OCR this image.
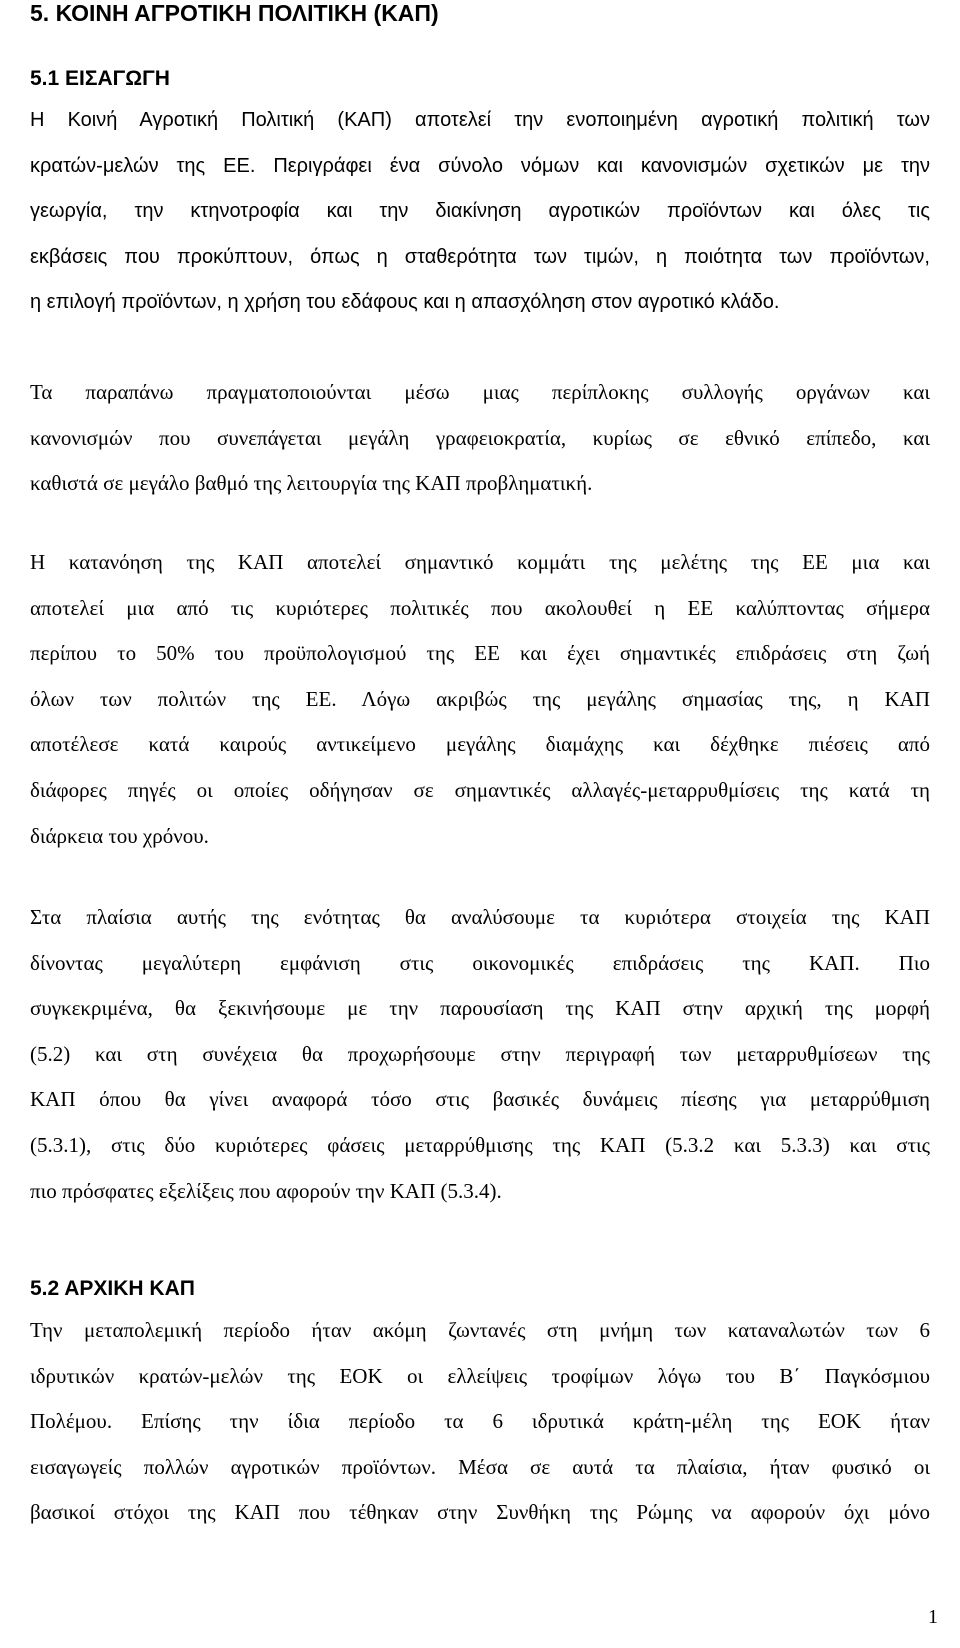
5. ΚΟΙΝΗ ΑΓΡΟΤΙΚΗ ΠΟΛΙΤΙΚΗ (ΚΑΠ)
5.1 ΕΙΣΑΓΩΓΗ
Η Κοινή Αγροτική Πολιτική (ΚΑΠ) αποτελεί την ενοποιημένη αγροτική πολιτική των
κρατών-μελών της ΕΕ. Περιγράφει ένα σύνολο νόμων και κανονισμών σχετικών με την
γεωργία, την κτηνοτροφία και την διακίνηση αγροτικών προϊόντων και όλες τις
εκβάσεις που προκύπτουν, όπως η σταθερότητα των τιμών, η ποιότητα των προϊόντων,
η επιλογή προϊόντων, η χρήση του εδάφους και η απασχόληση στον αγροτικό κλάδο.
Τα παραπάνω πραγματοποιούνται μέσω μιας περίπλοκης συλλογής οργάνων και
κανονισμών που συνεπάγεται μεγάλη γραφειοκρατία, κυρίως σε εθνικό επίπεδο, και
καθιστά σε μεγάλο βαθμό της λειτουργία της ΚΑΠ προβληματική.
Η κατανόηση της ΚΑΠ αποτελεί σημαντικό κομμάτι της μελέτης της ΕΕ μια και
αποτελεί μια από τις κυριότερες πολιτικές που ακολουθεί η ΕΕ καλύπτοντας σήμερα
περίπου το 50% του προϋπολογισμού της ΕΕ και έχει σημαντικές επιδράσεις στη ζωή
όλων των πολιτών της ΕΕ. Λόγω ακριβώς της μεγάλης σημασίας της, η ΚΑΠ
αποτέλεσε κατά καιρούς αντικείμενο μεγάλης διαμάχης και δέχθηκε πιέσεις από
διάφορες πηγές οι οποίες οδήγησαν σε σημαντικές αλλαγές-μεταρρυθμίσεις της κατά τη
διάρκεια του χρόνου.
Στα πλαίσια αυτής της ενότητας θα αναλύσουμε τα κυριότερα στοιχεία της ΚΑΠ
δίνοντας μεγαλύτερη εμφάνιση στις οικονομικές επιδράσεις της ΚΑΠ. Πιο
συγκεκριμένα, θα ξεκινήσουμε με την παρουσίαση της ΚΑΠ στην αρχική της μορφή
(5.2) και στη συνέχεια θα προχωρήσουμε στην περιγραφή των μεταρρυθμίσεων της
ΚΑΠ όπου θα γίνει αναφορά τόσο στις βασικές δυνάμεις πίεσης για μεταρρύθμιση
(5.3.1), στις δύο κυριότερες φάσεις μεταρρύθμισης της ΚΑΠ (5.3.2 και 5.3.3) και στις
πιο πρόσφατες εξελίξεις που αφορούν την ΚΑΠ (5.3.4).
5.2 ΑΡΧΙΚΗ ΚΑΠ
Την μεταπολεμική περίοδο ήταν ακόμη ζωντανές στη μνήμη των καταναλωτών των 6
ιδρυτικών κρατών-μελών της ΕΟΚ οι ελλείψεις τροφίμων λόγω του Β΄ Παγκόσμιου
Πολέμου. Επίσης την ίδια περίοδο τα 6 ιδρυτικά κράτη-μέλη της ΕΟΚ ήταν
εισαγωγείς πολλών αγροτικών προϊόντων. Μέσα σε αυτά τα πλαίσια, ήταν φυσικό οι
βασικοί στόχοι της ΚΑΠ που τέθηκαν στην Συνθήκη της Ρώμης να αφορούν όχι μόνο
1
